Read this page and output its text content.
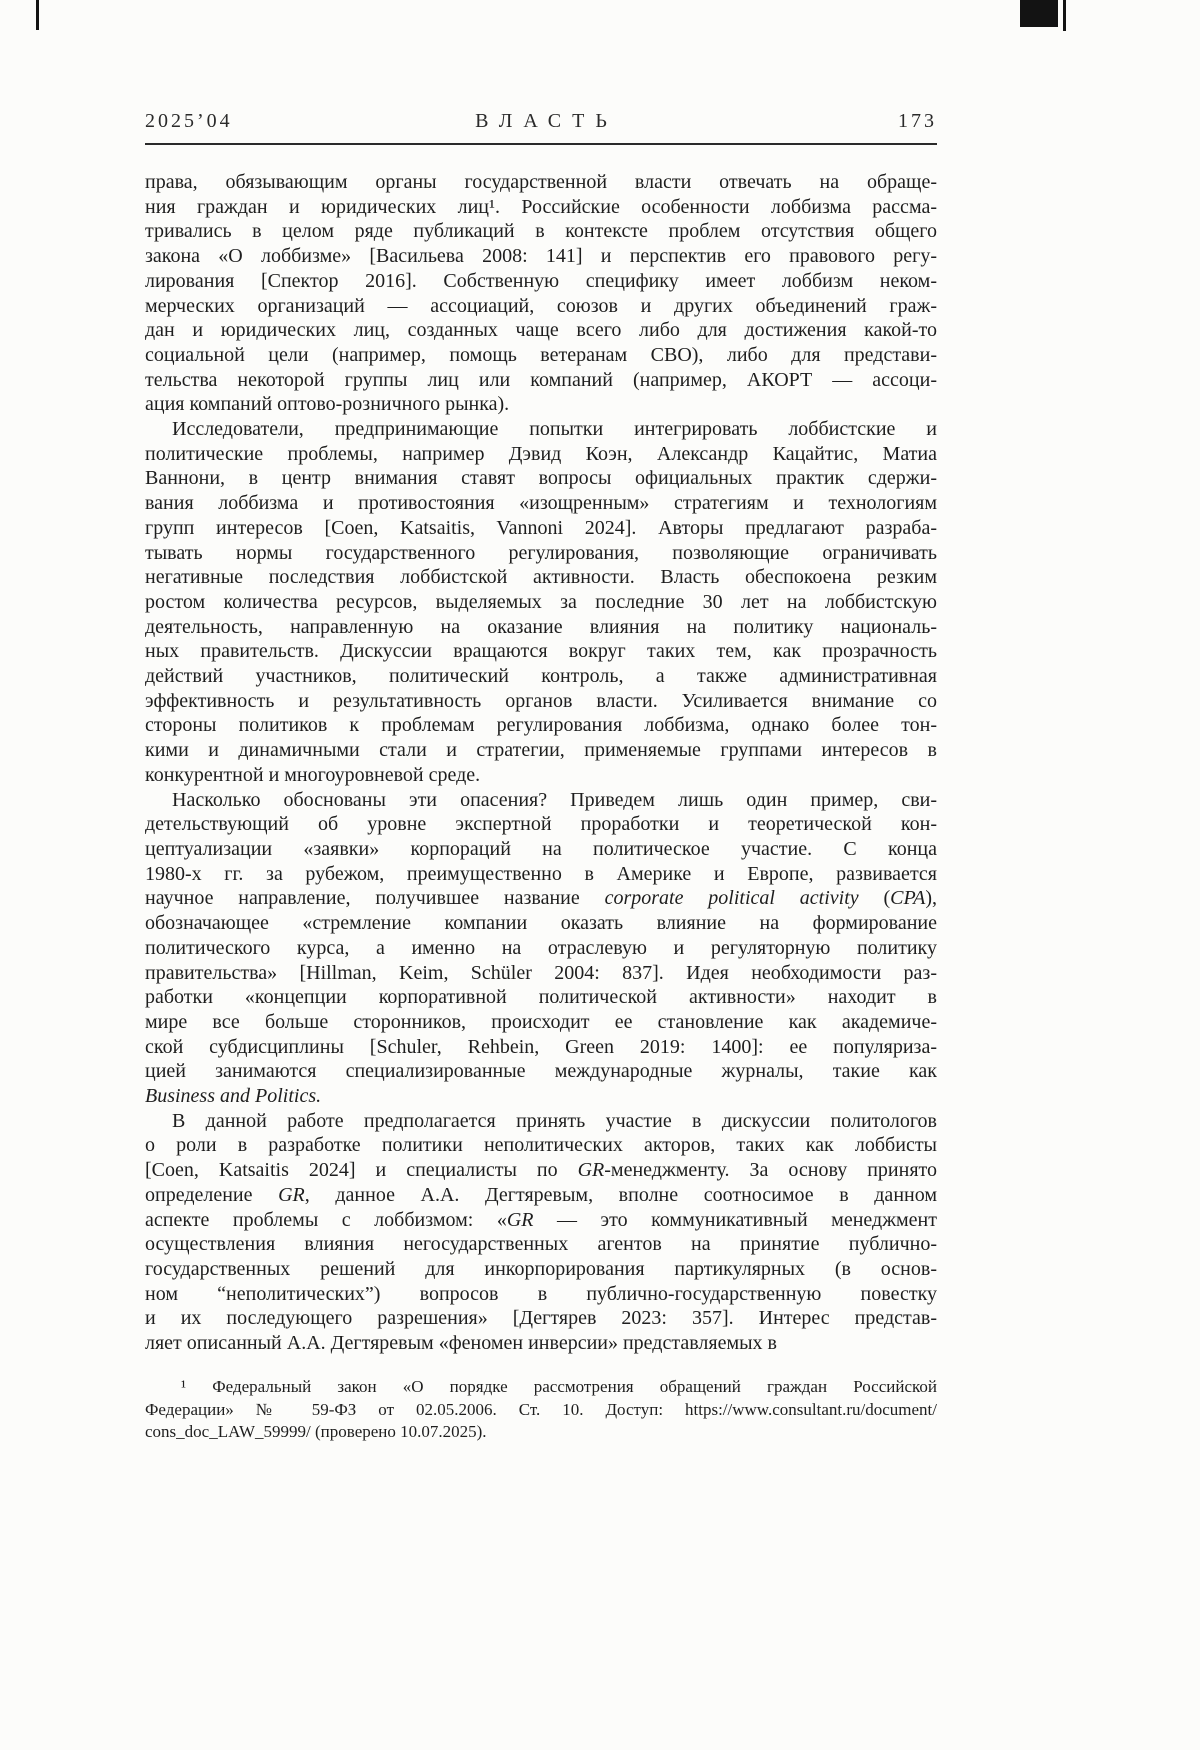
2025’04	ВЛАСТЬ	173
права, обязывающим органы государственной власти отвечать на обраще-
ния граждан и юридических лиц¹. Российские особенности лоббизма рассма-
тривались в целом ряде публикаций в контексте проблем отсутствия общего
закона «О лоббизме» [Васильева 2008: 141] и перспектив его правового регу-
лирования [Спектор 2016]. Собственную специфику имеет лоббизм неком-
мерческих организаций — ассоциаций, союзов и других объединений граж-
дан и юридических лиц, созданных чаще всего либо для достижения какой-то
социальной цели (например, помощь ветеранам СВО), либо для представи-
тельства некоторой группы лиц или компаний (например, АКОРТ — ассоци-
ация компаний оптово-розничного рынка).
Исследователи, предпринимающие попытки интегрировать лоббистские и
политические проблемы, например Дэвид Коэн, Александр Кацайтис, Матиа
Ваннони, в центр внимания ставят вопросы официальных практик сдержи-
вания лоббизма и противостояния «изощренным» стратегиям и технологиям
групп интересов [Coen, Katsaitis, Vannoni 2024]. Авторы предлагают разраба-
тывать нормы государственного регулирования, позволяющие ограничивать
негативные последствия лоббистской активности. Власть обеспокоена резким
ростом количества ресурсов, выделяемых за последние 30 лет на лоббистскую
деятельность, направленную на оказание влияния на политику националь-
ных правительств. Дискуссии вращаются вокруг таких тем, как прозрачность
действий участников, политический контроль, а также административная
эффективность и результативность органов власти. Усиливается внимание со
стороны политиков к проблемам регулирования лоббизма, однако более тон-
кими и динамичными стали и стратегии, применяемые группами интересов в
конкурентной и многоуровневой среде.
Насколько обоснованы эти опасения? Приведем лишь один пример, сви-
детельствующий об уровне экспертной проработки и теоретической кон-
цептуализации «заявки» корпораций на политическое участие. С конца
1980-х гг. за рубежом, преимущественно в Америке и Европе, развивается
научное направление, получившее название corporate political activity (CPA),
обозначающее «стремление компании оказать влияние на формирование
политического курса, а именно на отраслевую и регуляторную политику
правительства» [Hillman, Keim, Schüler 2004: 837]. Идея необходимости раз-
работки «концепции корпоративной политической активности» находит в
мире все больше сторонников, происходит ее становление как академиче-
ской субдисциплины [Schuler, Rehbein, Green 2019: 1400]: ее популяриза-
цией занимаются специализированные международные журналы, такие как
Business and Politics.
В данной работе предполагается принять участие в дискуссии политологов
о роли в разработке политики неполитических акторов, таких как лоббисты
[Coen, Katsaitis 2024] и специалисты по GR-менеджменту. За основу принято
определение GR, данное А.А. Дегтяревым, вполне соотносимое в данном
аспекте проблемы с лоббизмом: «GR — это коммуникативный менеджмент
осуществления влияния негосударственных агентов на принятие публично-
государственных решений для инкорпорирования партикулярных (в основ-
ном “неполитических”) вопросов в публично-государственную повестку
и их последующего разрешения» [Дегтярев 2023: 357]. Интерес представ-
ляет описанный А.А. Дегтяревым «феномен инверсии» представляемых в
¹ Федеральный закон «О порядке рассмотрения обращений граждан Российской
Федерации» № 59-ФЗ от 02.05.2006. Ст. 10. Доступ: https://www.consultant.ru/document/
cons_doc_LAW_59999/ (проверено 10.07.2025).
